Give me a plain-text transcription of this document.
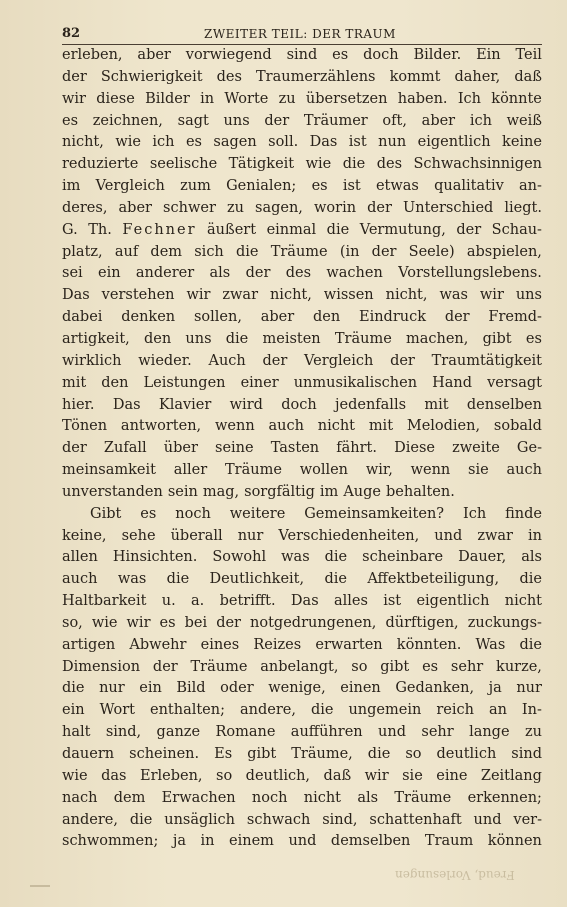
82	ZWEITER TEIL: DER TRAUM
erleben, aber vorwiegend sind es doch Bilder. Ein Teil
der Schwierigkeit des Traumerzählens kommt daher, daß
wir diese Bilder in Worte zu übersetzen haben. Ich könnte
es zeichnen, sagt uns der Träumer oft, aber ich weiß
nicht, wie ich es sagen soll. Das ist nun eigentlich keine
reduzierte seelische Tätigkeit wie die des Schwachsinnigen
im Vergleich zum Genialen; es ist etwas qualitativ an-
deres, aber schwer zu sagen, worin der Unterschied liegt.
G. Th. Fechner äußert einmal die Vermutung, der Schau-
platz, auf dem sich die Träume (in der Seele) abspielen,
sei ein anderer als der des wachen Vorstellungslebens.
Das verstehen wir zwar nicht, wissen nicht, was wir uns
dabei denken sollen, aber den Eindruck der Fremd-
artigkeit, den uns die meisten Träume machen, gibt es
wirklich wieder. Auch der Vergleich der Traumtätigkeit
mit den Leistungen einer unmusikalischen Hand versagt
hier. Das Klavier wird doch jedenfalls mit denselben
Tönen antworten, wenn auch nicht mit Melodien, sobald
der Zufall über seine Tasten fährt. Diese zweite Ge-
meinsamkeit aller Träume wollen wir, wenn sie auch
unverstanden sein mag, sorgfältig im Auge behalten.
Gibt es noch weitere Gemeinsamkeiten? Ich finde
keine, sehe überall nur Verschiedenheiten, und zwar in
allen Hinsichten. Sowohl was die scheinbare Dauer, als
auch was die Deutlichkeit, die Affektbeteiligung, die
Haltbarkeit u. a. betrifft. Das alles ist eigentlich nicht
so, wie wir es bei der notgedrungenen, dürftigen, zuckungs-
artigen Abwehr eines Reizes erwarten könnten. Was die
Dimension der Träume anbelangt, so gibt es sehr kurze,
die nur ein Bild oder wenige, einen Gedanken, ja nur
ein Wort enthalten; andere, die ungemein reich an In-
halt sind, ganze Romane aufführen und sehr lange zu
dauern scheinen. Es gibt Träume, die so deutlich sind
wie das Erleben, so deutlich, daß wir sie eine Zeitlang
nach dem Erwachen noch nicht als Träume erkennen;
andere, die unsäglich schwach sind, schattenhaft und ver-
schwommen; ja in einem und demselben Traum können
Freud, Vorlesungen
